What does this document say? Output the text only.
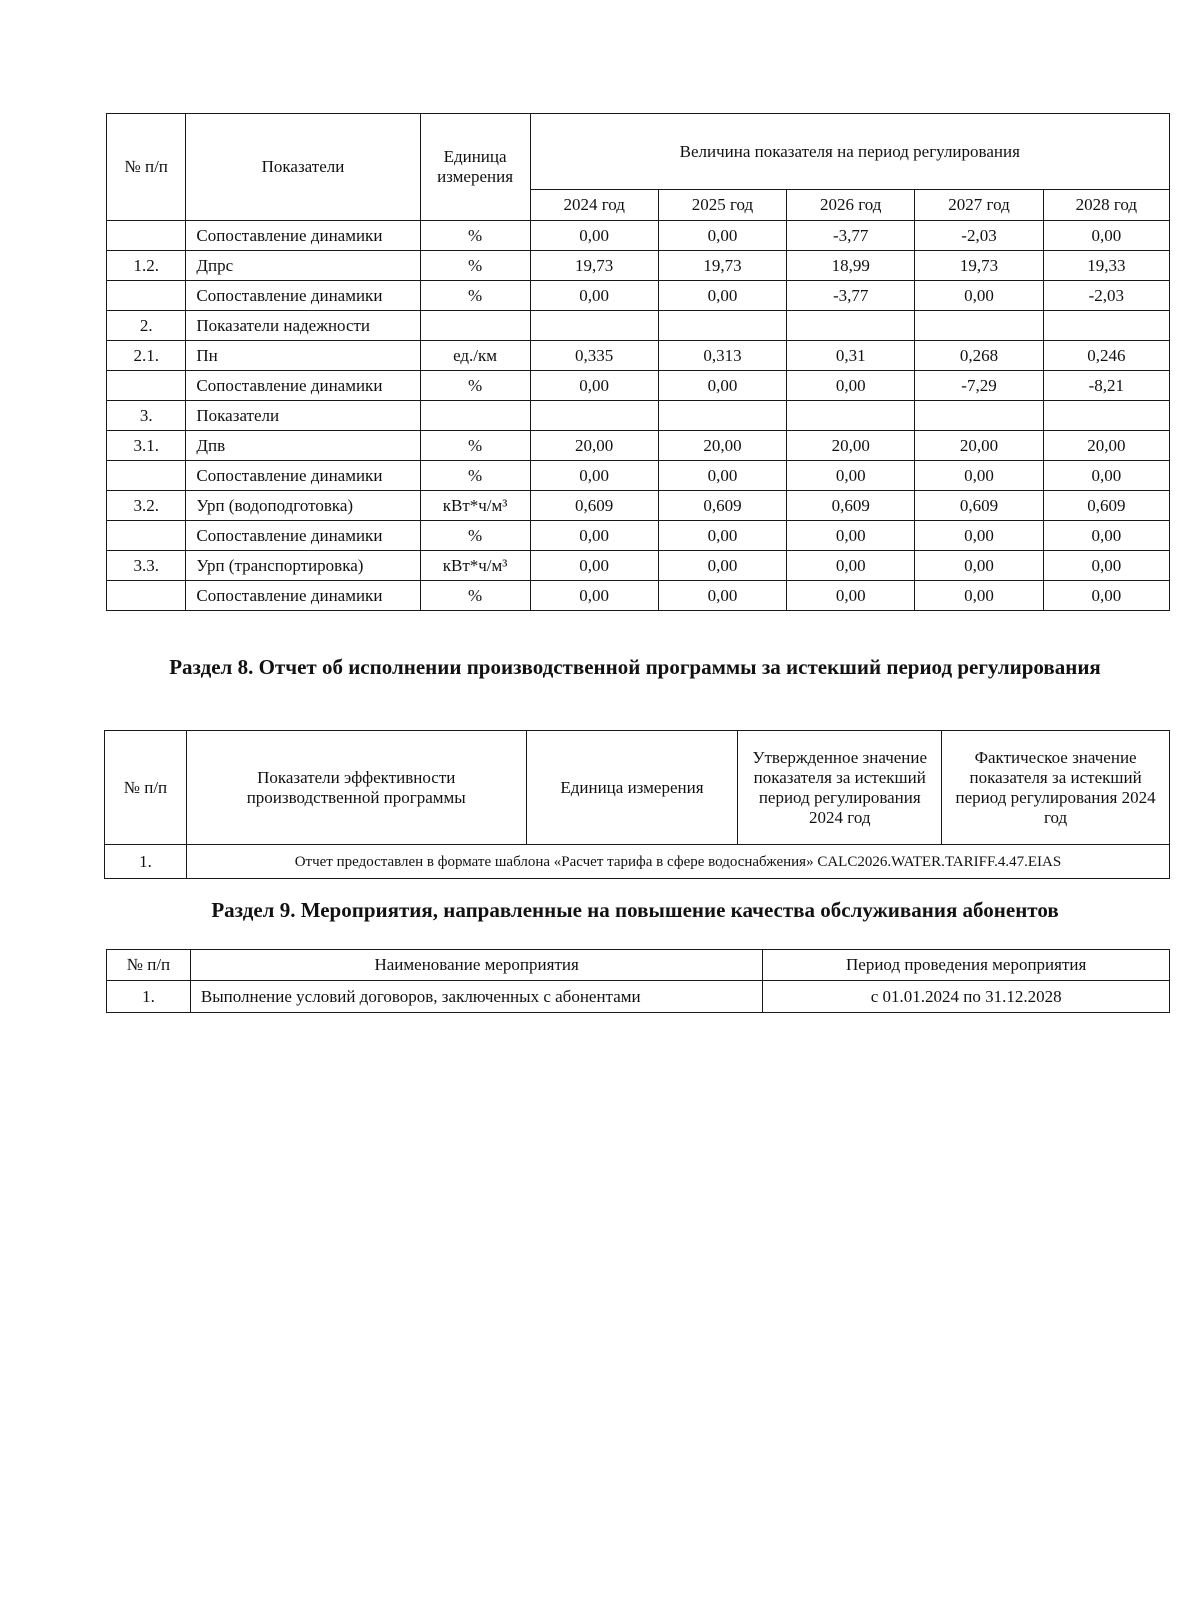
№ п/п	Показатели	Единица измерения	Величина показателя на период регулирования				
			2024 год	2025 год	2026 год	2027 год	2028 год
	Сопоставление динамики	%	0,00	0,00	-3,77	-2,03	0,00
1.2.	Дпрс	%	19,73	19,73	18,99	19,73	19,33
	Сопоставление динамики	%	0,00	0,00	-3,77	0,00	-2,03
2.	Показатели надежности						
2.1.	Пн	ед./км	0,335	0,313	0,31	0,268	0,246
	Сопоставление динамики	%	0,00	0,00	0,00	-7,29	-8,21
3.	Показатели						
3.1.	Дпв	%	20,00	20,00	20,00	20,00	20,00
	Сопоставление динамики	%	0,00	0,00	0,00	0,00	0,00
3.2.	Урп (водоподготовка)	кВт*ч/м³	0,609	0,609	0,609	0,609	0,609
	Сопоставление динамики	%	0,00	0,00	0,00	0,00	0,00
3.3.	Урп (транспортировка)	кВт*ч/м³	0,00	0,00	0,00	0,00	0,00
	Сопоставление динамики	%	0,00	0,00	0,00	0,00	0,00
Раздел 8. Отчет об исполнении производственной программы за истекший период регулирования
№ п/п	Показатели эффективности производственной программы	Единица измерения	Утвержденное значение показателя за истекший период регулирования 2024 год	Фактическое значение показателя за истекший период регулирования 2024 год
1.	Отчет предоставлен в формате шаблона «Расчет тарифа в сфере водоснабжения» CALC2026.WATER.TARIFF.4.47.EIAS			
Раздел 9. Мероприятия, направленные на повышение качества обслуживания абонентов
№ п/п	Наименование мероприятия	Период проведения мероприятия
1.	Выполнение условий договоров, заключенных с абонентами	с 01.01.2024 по 31.12.2028
